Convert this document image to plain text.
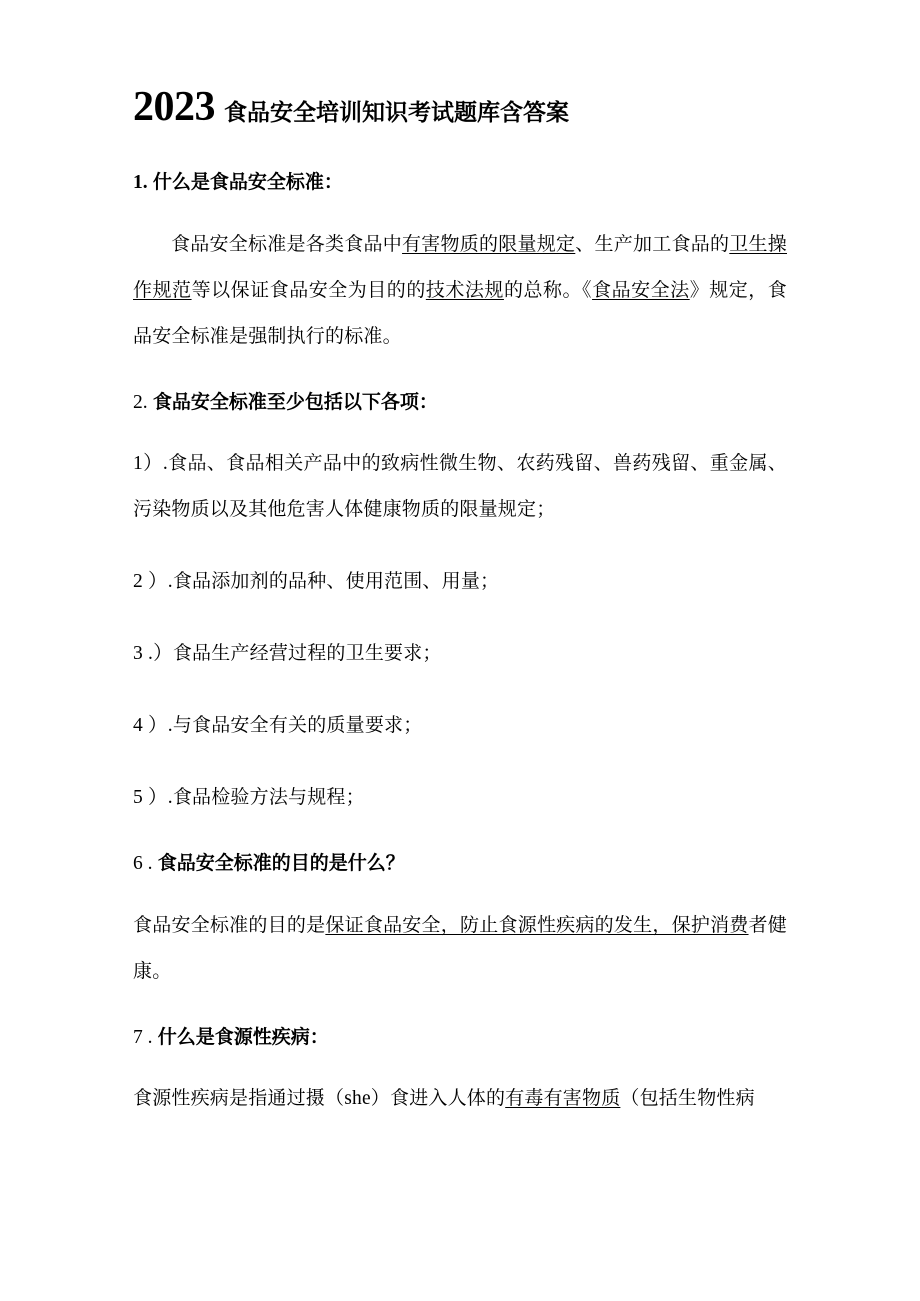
2023 食品安全培训知识考试题库含答案
1. 什么是食品安全标准：
食品安全标准是各类食品中有害物质的限量规定、生产加工食品的卫生操作规范等以保证食品安全为目的的技术法规的总称。《食品安全法》规定，食品安全标准是强制执行的标准。
2. 食品安全标准至少包括以下各项：
1）.食品、食品相关产品中的致病性微生物、农药残留、兽药残留、重金属、污染物质以及其他危害人体健康物质的限量规定；
2 ）.食品添加剂的品种、使用范围、用量；
3 .）食品生产经营过程的卫生要求；
4 ）.与食品安全有关的质量要求；
5 ）.食品检验方法与规程；
6 . 食品安全标准的目的是什么？
食品安全标准的目的是保证食品安全，防止食源性疾病的发生，保护消费者健康。
7 . 什么是食源性疾病：
食源性疾病是指通过摄（she）食进入人体的有毒有害物质（包括生物性病
